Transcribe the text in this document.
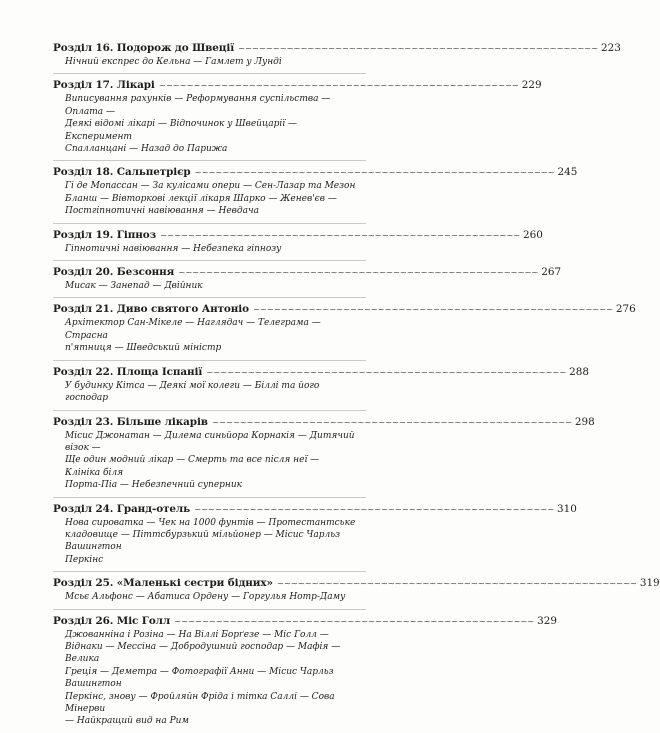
Розділ 16. Подорож до Швеції ~~~~~~~~~~~~~~~~~~~~~~~~~~~~~~~~~~~~~~~~~~~~~~~~~~~~ 223
Нічний експрес до Кельна — Гамлет у Лунді
Розділ 17. Лікарі ~~~~~~~~~~~~~~~~~~~~~~~~~~~~~~~~~~~~~~~~~~~~~~~~~~~~ 229
Виписування рахунків — Реформування суспільства — Оплата —
Деякі відомі лікарі — Відпочинок у Швейцарії — Експеримент
Спалланцані — Назад до Парижа
Розділ 18. Сальпетрієр ~~~~~~~~~~~~~~~~~~~~~~~~~~~~~~~~~~~~~~~~~~~~~~~~~~~~ 245
Гі де Мопассан — За кулісами опери — Сен-Лазар та Мезон
Бланш — Вівторкові лекції лікаря Шарко — Женев'єв —
Постгіпнотичні навіювання — Невдача
Розділ 19. Гіпноз ~~~~~~~~~~~~~~~~~~~~~~~~~~~~~~~~~~~~~~~~~~~~~~~~~~~~ 260
Гіпнотичні навіювання — Небезпека гіпнозу
Розділ 20. Безсоння ~~~~~~~~~~~~~~~~~~~~~~~~~~~~~~~~~~~~~~~~~~~~~~~~~~~~ 267
Мисак — Занепад — Двійник
Розділ 21. Диво святого Антоніо ~~~~~~~~~~~~~~~~~~~~~~~~~~~~~~~~~~~~~~~~~~~~~~~~~~~~ 276
Архітектор Сан-Мікеле — Наглядач — Телеграма — Страсна
п'ятниця — Шведський міністр
Розділ 22. Площа Іспанії ~~~~~~~~~~~~~~~~~~~~~~~~~~~~~~~~~~~~~~~~~~~~~~~~~~~~ 288
У будинку Кітса — Деякі мої колеги — Біллі та його господар
Розділ 23. Більше лікарів ~~~~~~~~~~~~~~~~~~~~~~~~~~~~~~~~~~~~~~~~~~~~~~~~~~~~ 298
Місис Джонатан — Дилема синьйора Корнакія — Дитячий візок —
Ще один модний лікар — Смерть та все після неї — Клініка біля
Порта-Піа — Небезпечний суперник
Розділ 24. Гранд-отель ~~~~~~~~~~~~~~~~~~~~~~~~~~~~~~~~~~~~~~~~~~~~~~~~~~~~ 310
Нова сироватка — Чек на 1000 фунтів — Протестантське
кладовище — Піттсбурзький мільйонер — Місис Чарльз Вашингтон
Перкінс
Розділ 25. «Маленькі сестри бідних» ~~~~~~~~~~~~~~~~~~~~~~~~~~~~~~~~~~~~~~~~~~~~~~~~~~~~ 319
Мсьє Альфонс — Абатиса Ордену — Горгулья Нотр-Даму
Розділ 26. Міс Голл ~~~~~~~~~~~~~~~~~~~~~~~~~~~~~~~~~~~~~~~~~~~~~~~~~~~~ 329
Джованніна і Розіна — На Віллі Борґезе — Міс Голл —
Віднаки — Мессіна — Добродушний господар — Мафія — Велика
Греція — Деметра — Фотографії Анни — Місис Чарльз Вашингтон
Перкінс, знову — Фройляйн Фріда і тітка Саллі — Сова Мінерви
— Найкращий вид на Рим
